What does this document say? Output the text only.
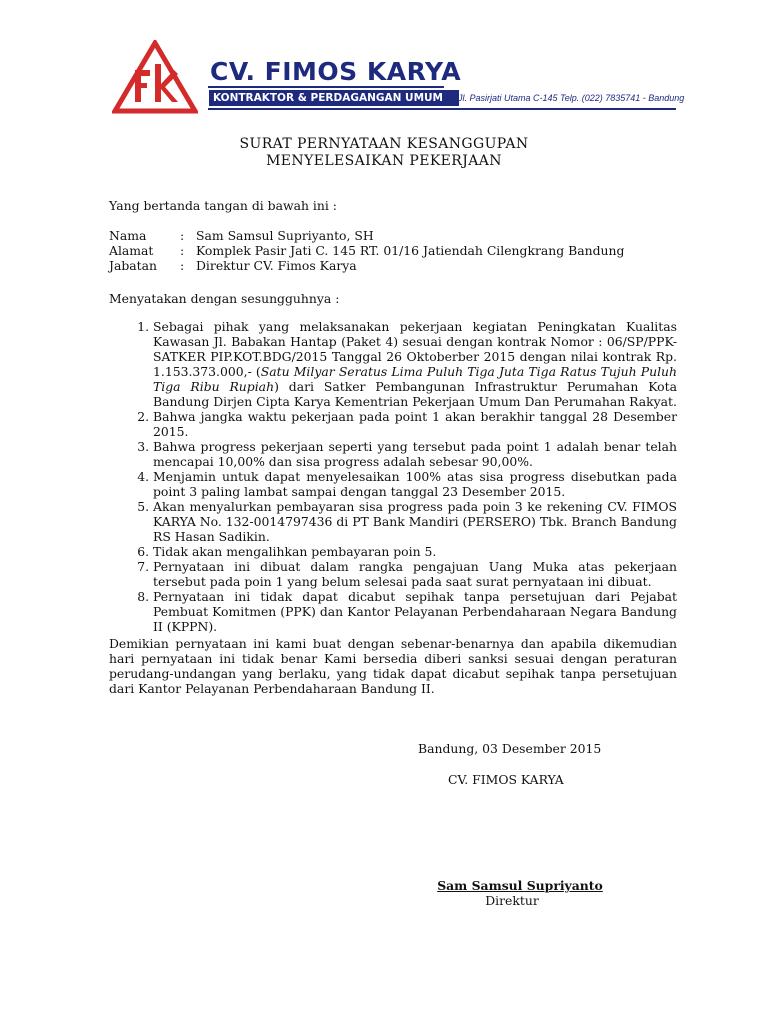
CV. FIMOS KARYA
KONTRAKTOR & PERDAGANGAN UMUM	Jl. Pasirjati Utama C-145 Telp. (022) 7835741 - Bandung
SURAT PERNYATAAN KESANGGUPAN
MENYELESAIKAN PEKERJAAN
Yang bertanda tangan di bawah ini :
Nama	: Sam Samsul Supriyanto, SH
Alamat : Komplek Pasir Jati C. 145 RT. 01/16 Jatiendah Cilengkrang Bandung
Jabatan : Direktur CV. Fimos Karya
Menyatakan dengan sesungguhnya :
1. Sebagai pihak yang melaksanakan pekerjaan kegiatan Peningkatan Kualitas Kawasan Jl. Babakan Hantap (Paket 4) sesuai dengan kontrak Nomor : 06/SP/PPK-SATKER PIP.KOT.BDG/2015 Tanggal 26 Oktoberber 2015 dengan nilai kontrak Rp. 1.153.373.000,- (Satu Milyar Seratus Lima Puluh Tiga Juta Tiga Ratus Tujuh Puluh Tiga Ribu Rupiah) dari Satker Pembangunan Infrastruktur Perumahan Kota Bandung Dirjen Cipta Karya Kementrian Pekerjaan Umum Dan Perumahan Rakyat.
2. Bahwa jangka waktu pekerjaan pada point 1 akan berakhir tanggal 28 Desember 2015.
3. Bahwa progress pekerjaan seperti yang tersebut pada point 1 adalah benar telah mencapai 10,00% dan sisa progress adalah sebesar 90,00%.
4. Menjamin untuk dapat menyelesaikan 100% atas sisa progress disebutkan pada point 3 paling lambat sampai dengan tanggal 23 Desember 2015.
5. Akan menyalurkan pembayaran sisa progress pada poin 3 ke rekening CV. FIMOS KARYA No. 132-0014797436 di PT Bank Mandiri (PERSERO) Tbk. Branch Bandung RS Hasan Sadikin.
6. Tidak akan mengalihkan pembayaran poin 5.
7. Pernyataan ini dibuat dalam rangka pengajuan Uang Muka atas pekerjaan tersebut pada poin 1 yang belum selesai pada saat surat pernyataan ini dibuat.
8. Pernyataan ini tidak dapat dicabut sepihak tanpa persetujuan dari Pejabat Pembuat Komitmen (PPK) dan Kantor Pelayanan Perbendaharaan Negara Bandung II (KPPN).
Demikian pernyataan ini kami buat dengan sebenar-benarnya dan apabila dikemudian hari pernyataan ini tidak benar Kami bersedia diberi sanksi sesuai dengan peraturan perudang-undangan yang berlaku, yang tidak dapat dicabut sepihak tanpa persetujuan dari Kantor Pelayanan Perbendaharaan Bandung II.
Bandung, 03 Desember 2015
CV. FIMOS KARYA
Sam Samsul Supriyanto
Direktur
